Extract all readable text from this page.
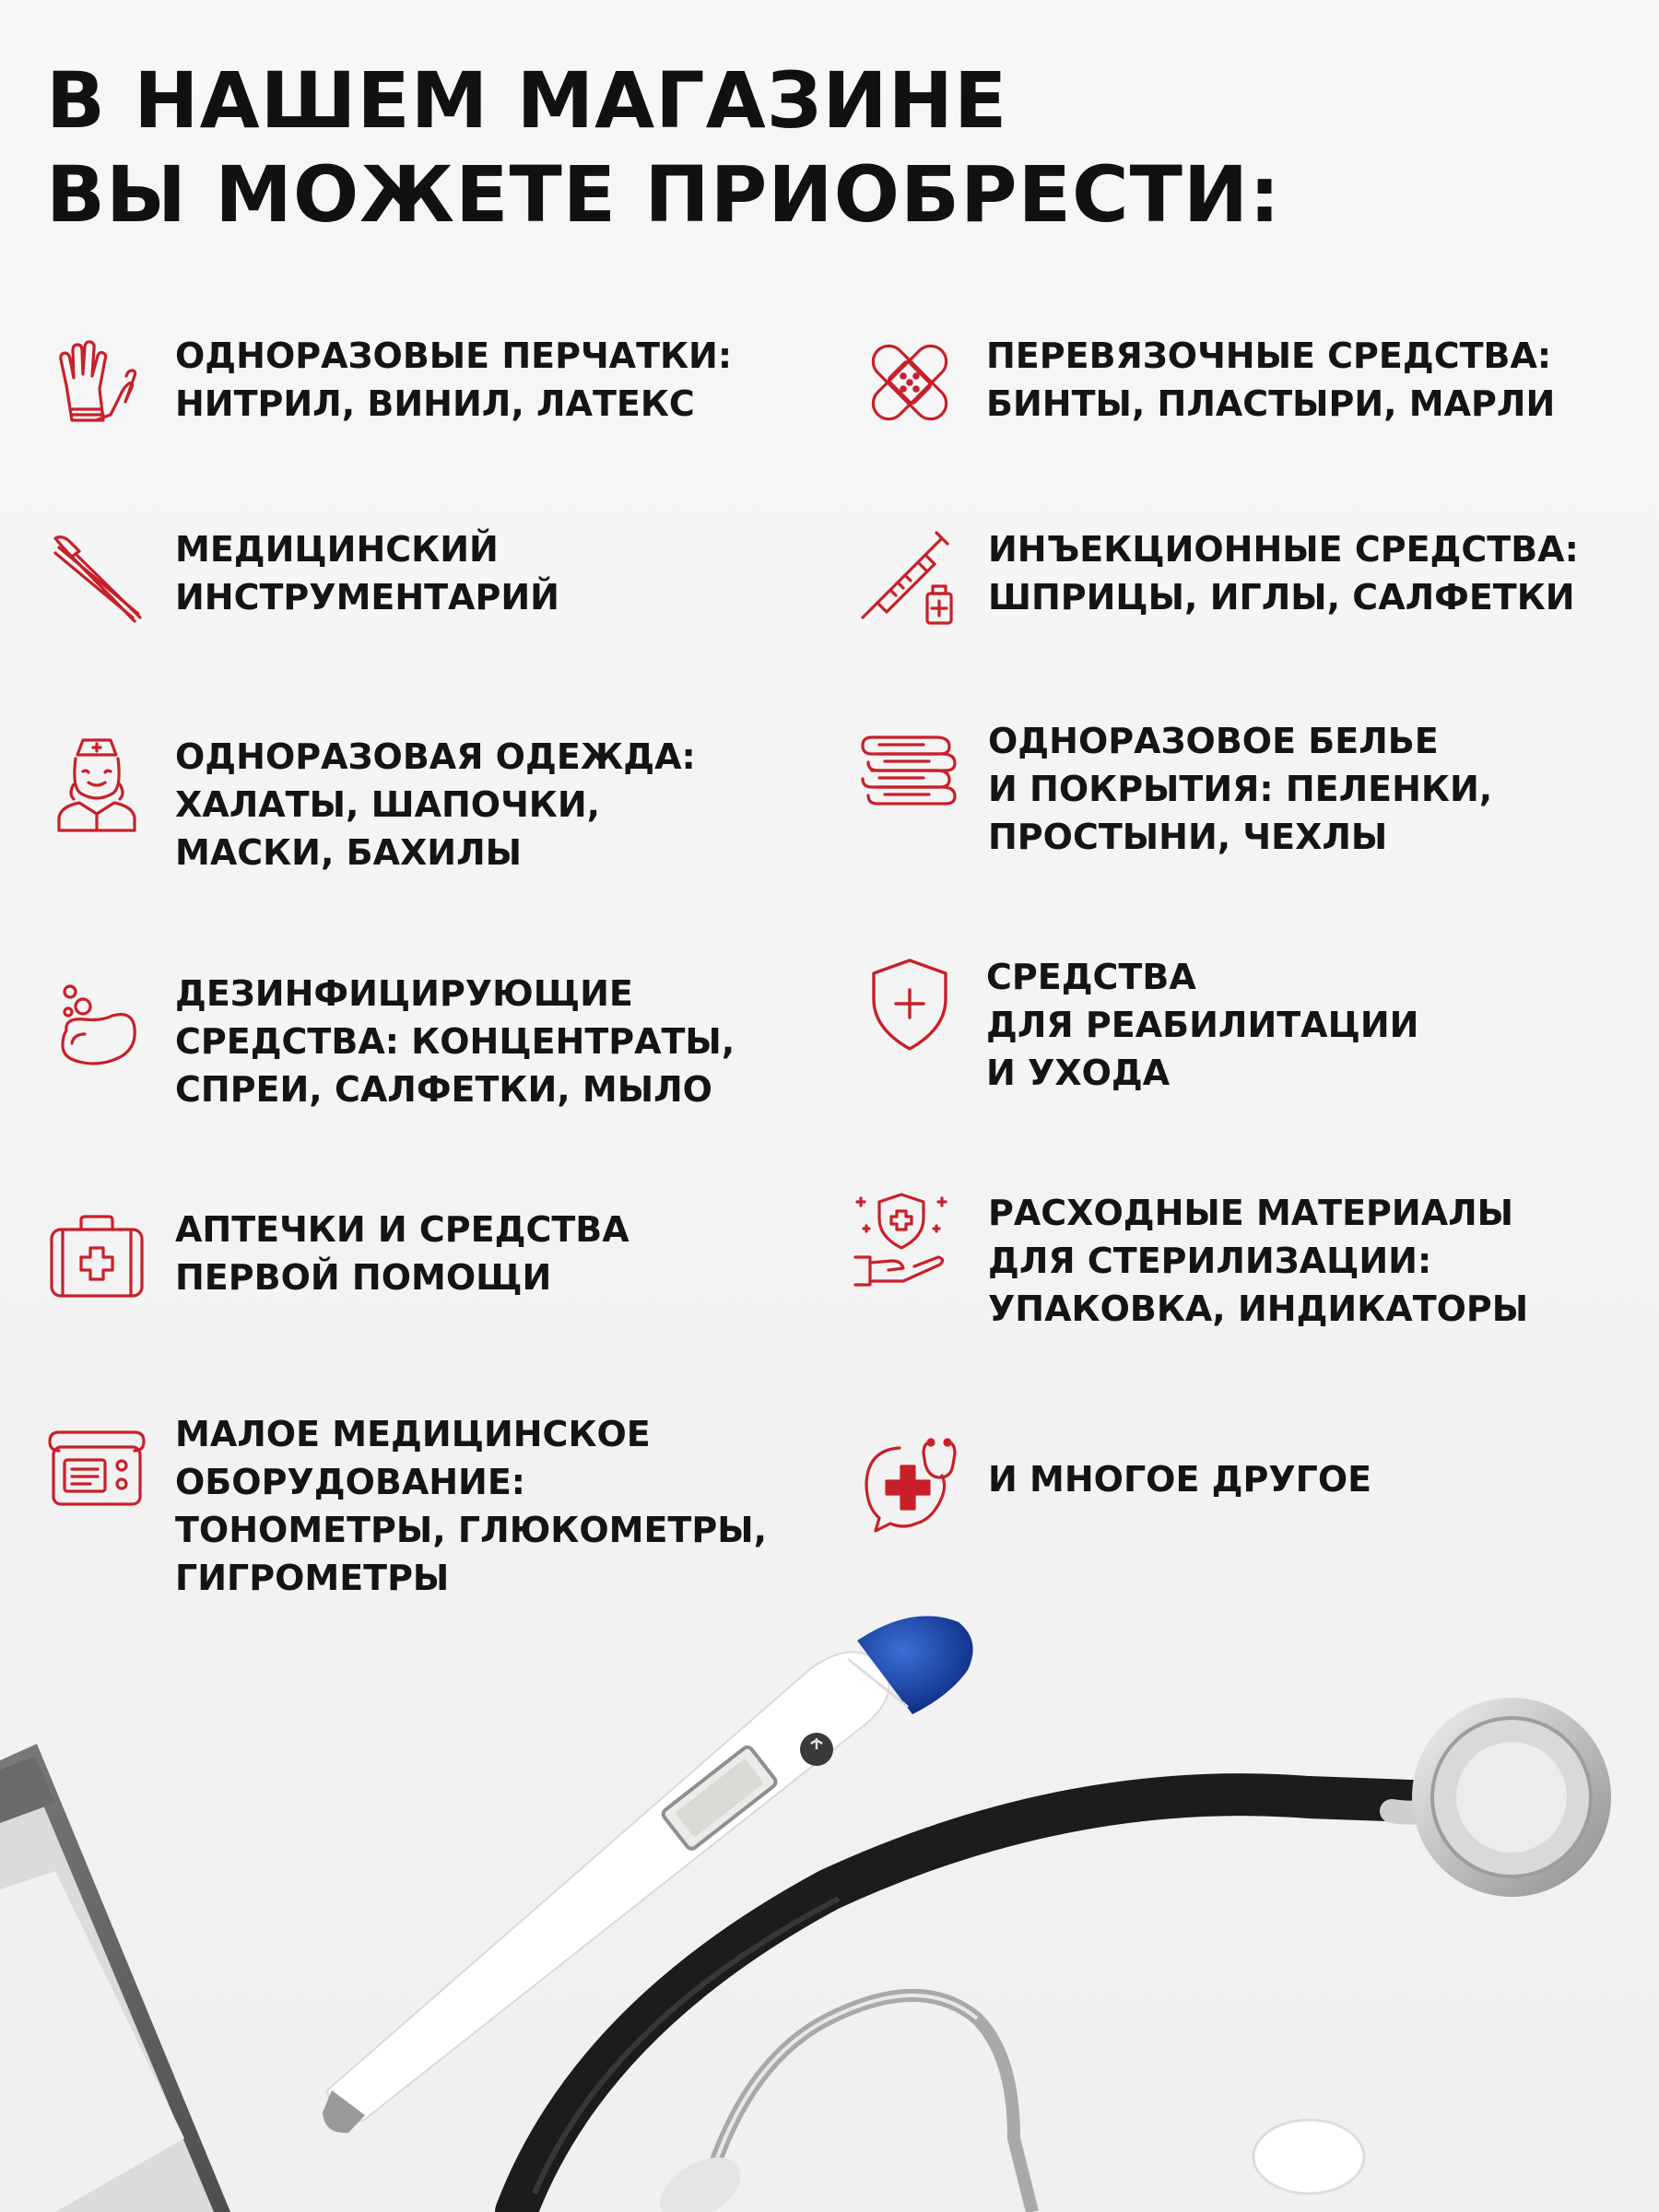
В НАШЕМ МАГАЗИНЕ
ВЫ МОЖЕТЕ ПРИОБРЕСТИ:
ОДНОРАЗОВЫЕ ПЕРЧАТКИ:
НИТРИЛ, ВИНИЛ, ЛАТЕКС
МЕДИЦИНСКИЙ
ИНСТРУМЕНТАРИЙ
ОДНОРАЗОВАЯ ОДЕЖДА:
ХАЛАТЫ, ШАПОЧКИ,
МАСКИ, БАХИЛЫ
ДЕЗИНФИЦИРУЮЩИЕ
СРЕДСТВА: КОНЦЕНТРАТЫ,
СПРЕИ, САЛФЕТКИ, МЫЛО
АПТЕЧКИ И СРЕДСТВА
ПЕРВОЙ ПОМОЩИ
МАЛОЕ МЕДИЦИНСКОЕ
ОБОРУДОВАНИЕ:
ТОНОМЕТРЫ, ГЛЮКОМЕТРЫ,
ГИГРОМЕТРЫ
ПЕРЕВЯЗОЧНЫЕ СРЕДСТВА:
БИНТЫ, ПЛАСТЫРИ, МАРЛИ
ИНЪЕКЦИОННЫЕ СРЕДСТВА:
ШПРИЦЫ, ИГЛЫ, САЛФЕТКИ
ОДНОРАЗОВОЕ БЕЛЬЕ
И ПОКРЫТИЯ: ПЕЛЕНКИ,
ПРОСТЫНИ, ЧЕХЛЫ
СРЕДСТВА
ДЛЯ РЕАБИЛИТАЦИИ
И УХОДА
РАСХОДНЫЕ МАТЕРИАЛЫ
ДЛЯ СТЕРИЛИЗАЦИИ:
УПАКОВКА, ИНДИКАТОРЫ
И МНОГОЕ ДРУГОЕ
